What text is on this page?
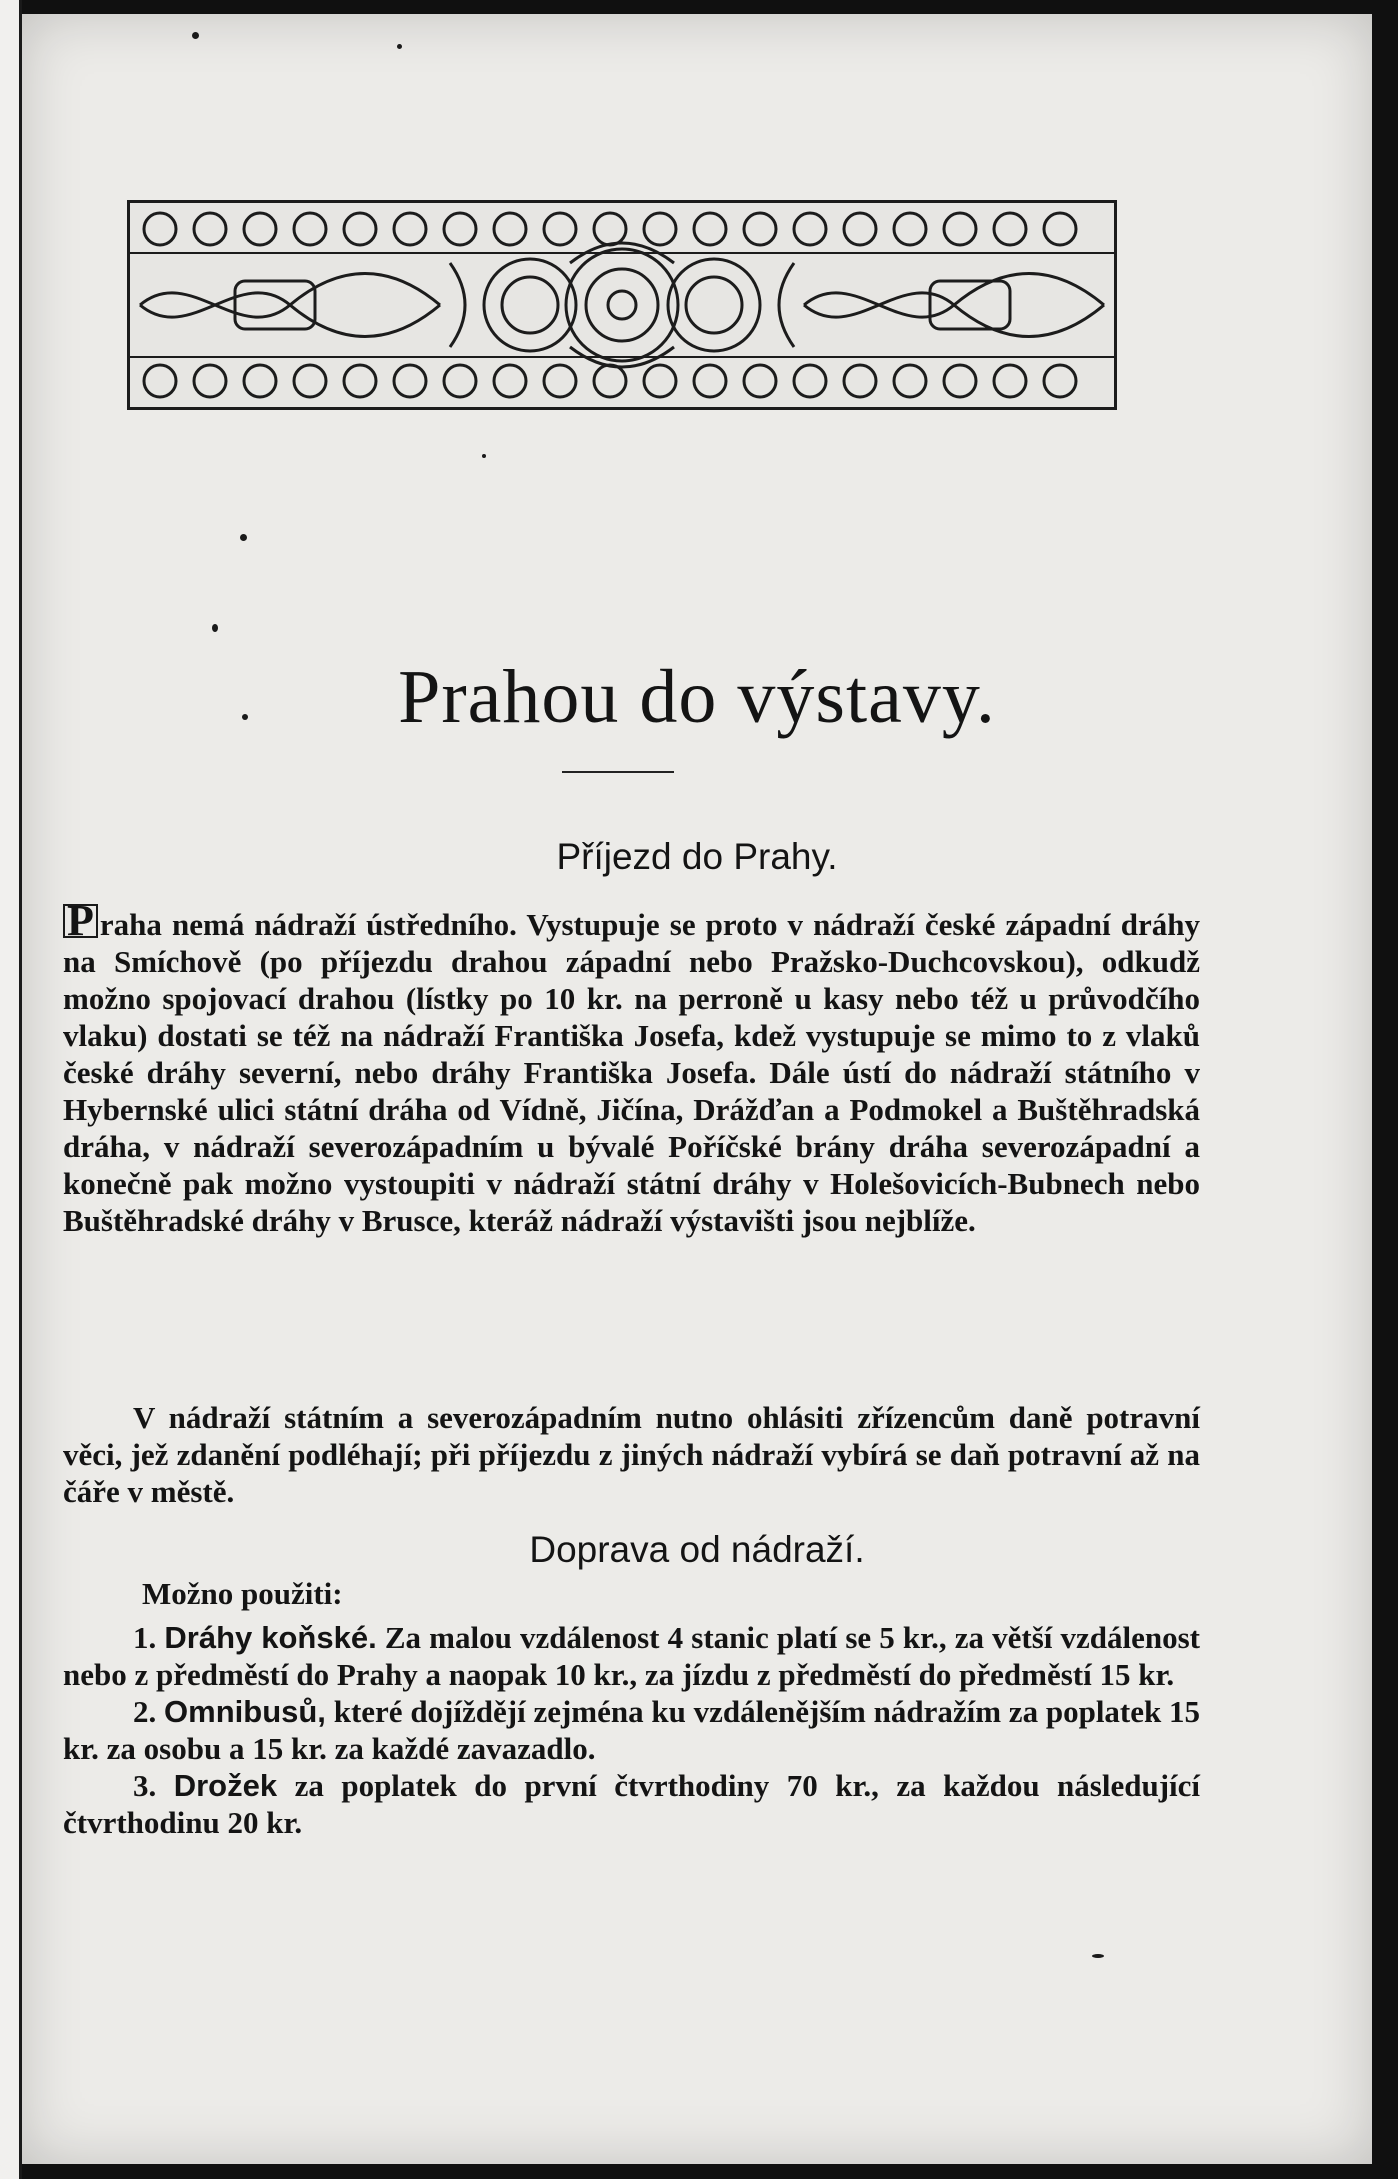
Prahou do výstavy.
Příjezd do Prahy.

P raha nemá nádraží ústředního. Vystupuje se proto v nádraží české západní dráhy na Smíchově (po příjezdu drahou západní nebo Pražsko-Duchcovskou), odkudž možno spojovací drahou (lístky po 10 kr. na perroně u kasy nebo též u průvodčího vlaku) dostati se též na nádraží Františka Josefa, kdež vystupuje se mimo to z vlaků české dráhy severní, nebo dráhy Františka Josefa. Dále ústí do nádraží státního v Hybernské ulici státní dráha od Vídně, Jičína, Drážďan a Podmokel a Buštěhradská dráha, v nádraží severozápadním u bývalé Poříčské brány dráha severozápadní a konečně pak možno vystoupiti v nádraží státní dráhy v Holešovicích-Bubnech nebo Buštěhradské dráhy v Brusce, kteráž nádraží výstavišti jsou nejblíže.

V nádraží státním a severozápadním nutno ohlásiti zřízencům daně potravní věci, jež zdanění podléhají; při příjezdu z jiných nádraží vybírá se daň potravní až na čáře v městě.

Doprava od nádraží.
Možno použiti:

1. Dráhy koňské. Za malou vzdálenost 4 stanic platí se 5 kr., za větší vzdálenost nebo z předměstí do Prahy a naopak 10 kr., za jízdu z předměstí do předměstí 15 kr.

2. Omnibusů, které dojíždějí zejména ku vzdálenějším nádražím za poplatek 15 kr. za osobu a 15 kr. za každé zavazadlo.

3. Drožek za poplatek do první čtvrthodiny 70 kr., za každou následující čtvrthodinu 20 kr.
